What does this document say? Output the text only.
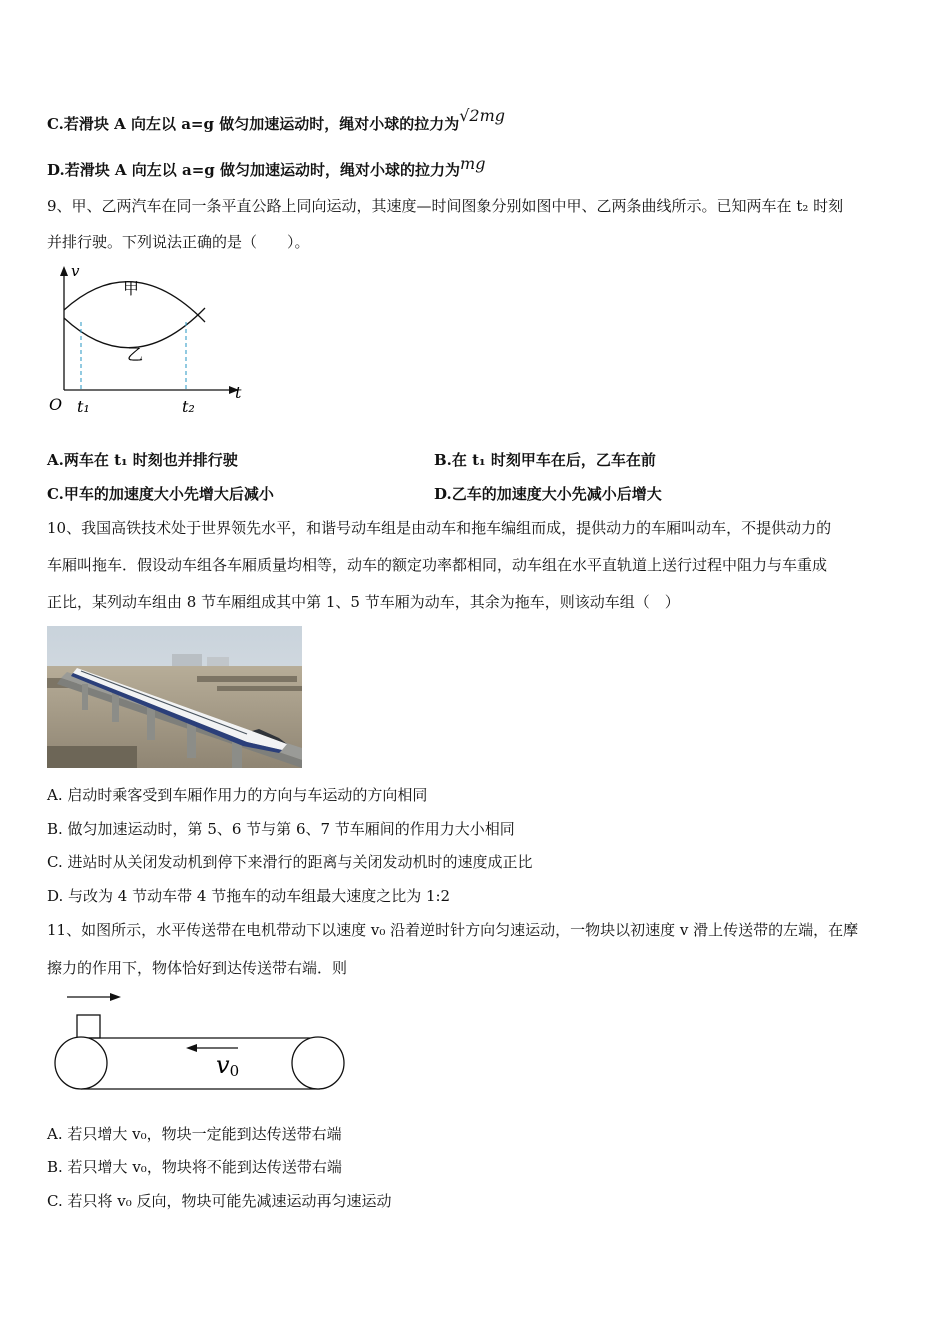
C.若滑块 A 向左以 a=g 做匀加速运动时，绳对小球的拉力为√2mg
D.若滑块 A 向左以 a=g 做匀加速运动时，绳对小球的拉力为mg
9、甲、乙两汽车在同一条平直公路上同向运动，其速度—时间图象分别如图中甲、乙两条曲线所示。已知两车在 t₂ 时刻
并排行驶。下列说法正确的是（　　）。
v
t
O t₁	t₂
甲
乙
A.两车在 t₁ 时刻也并排行驶	B.在 t₁ 时刻甲车在后，乙车在前
C.甲车的加速度大小先增大后减小	D.乙车的加速度大小先减小后增大
10、我国高铁技术处于世界领先水平，和谐号动车组是由动车和拖车编组而成，提供动力的车厢叫动车，不提供动力的
车厢叫拖车．假设动车组各车厢质量均相等，动车的额定功率都相同，动车组在水平直轨道上送行过程中阻力与车重成
正比，某列动车组由 8 节车厢组成其中第 1、5 节车厢为动车，其余为拖车，则该动车组（　）
A. 启动时乘客受到车厢作用力的方向与车运动的方向相同
B. 做匀加速运动时，第 5、6 节与第 6、7 节车厢间的作用力大小相同
C. 进站时从关闭发动机到停下来滑行的距离与关闭发动机时的速度成正比
D. 与改为 4 节动车带 4 节拖车的动车组最大速度之比为 1:2
11、如图所示，水平传送带在电机带动下以速度 v₀ 沿着逆时针方向匀速运动，一物块以初速度 v 滑上传送带的左端，在摩
擦力的作用下，物体恰好到达传送带右端．则
v0
A. 若只增大 v₀，物块一定能到达传送带右端
B. 若只增大 v₀，物块将不能到达传送带右端
C. 若只将 v₀ 反向，物块可能先减速运动再匀速运动
